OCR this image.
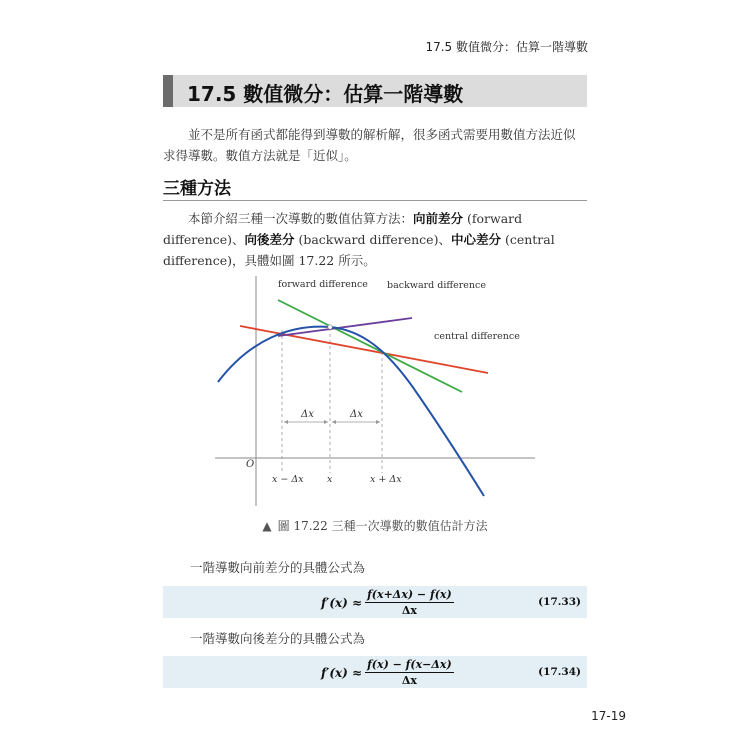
17.5 數值微分：估算一階導數
17.5 數值微分：估算一階導數
並不是所有函式都能得到導數的解析解，很多函式需要用數值方法近似求得導數。數值方法就是「近似」。
三種方法
本節介紹三種一次導數的數值估算方法：向前差分 (forward difference)、向後差分 (backward difference)、中心差分 (central difference)，具體如圖 17.22 所示。
forward difference backward difference
central difference
Δx	Δx
O
x − Δx x	x + Δx
▲ 圖 17.22 三種一次導數的數值估計方法
一階導數向前差分的具體公式為
$f'(x) \approx \frac{f(x+\Delta x) - f(x)}{\Delta x}$	(17.33)
一階導數向後差分的具體公式為
$f'(x) \approx \frac{f(x) - f(x-\Delta x)}{\Delta x}$	(17.34)
17-19
